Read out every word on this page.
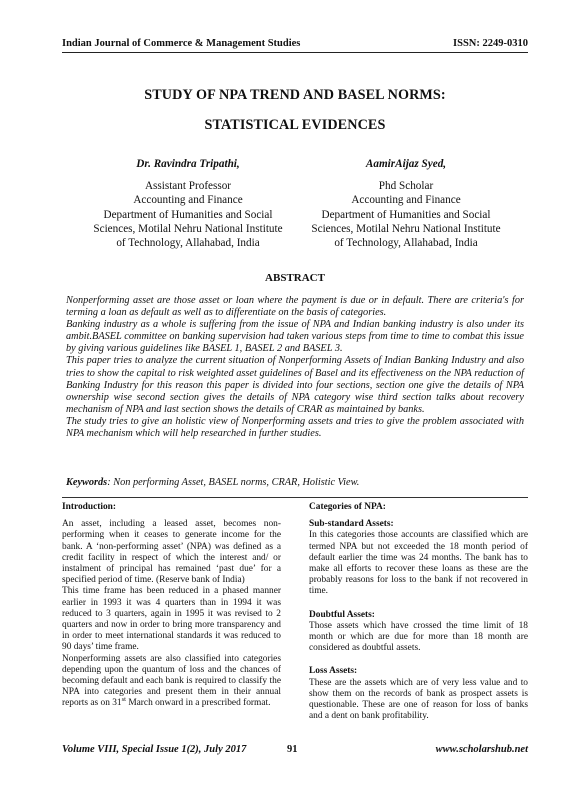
Indian Journal of Commerce & Management Studies	ISSN: 2249-0310
STUDY OF NPA TREND AND BASEL NORMS:
STATISTICAL EVIDENCES
Dr. Ravindra Tripathi,
Assistant Professor
Accounting and Finance
Department of Humanities and Social
Sciences, Motilal Nehru National Institute
of Technology, Allahabad, India
AamirAijaz Syed,
Phd Scholar
Accounting and Finance
Department of Humanities and Social
Sciences, Motilal Nehru National Institute
of Technology, Allahabad, India
ABSTRACT

Nonperforming asset are those asset or loan where the payment is due or in default. There are criteria's for terming a loan as default as well as to differentiate on the basis of categories.

Banking industry as a whole is suffering from the issue of NPA and Indian banking industry is also under its ambit.BASEL committee on banking supervision had taken various steps from time to time to combat this issue by giving various guidelines like BASEL 1, BASEL 2 and BASEL 3.

This paper tries to analyze the current situation of Nonperforming Assets of Indian Banking Industry and also tries to show the capital to risk weighted asset guidelines of Basel and its effectiveness on the NPA reduction of Banking Industry for this reason this paper is divided into four sections, section one give the details of NPA ownership wise second section gives the details of NPA category wise third section talks about recovery mechanism of NPA and last section shows the details of CRAR as maintained by banks.

The study tries to give an holistic view of Nonperforming assets and tries to give the problem associated with NPA mechanism which will help researched in further studies.

Keywords: Non performing Asset, BASEL norms, CRAR, Holistic View.

Introduction:

An asset, including a leased asset, becomes non-performing when it ceases to generate income for the bank. A ‘non-performing asset’ (NPA) was defined as a credit facility in respect of which the interest and/ or instalment of principal has remained ‘past due’ for a specified period of time. (Reserve bank of India)

This time frame has been reduced in a phased manner earlier in 1993 it was 4 quarters than in 1994 it was reduced to 3 quarters, again in 1995 it was revised to 2 quarters and now in order to bring more transparency and in order to meet international standards it was reduced to 90 days’ time frame.

Nonperforming assets are also classified into categories depending upon the quantum of loss and the chances of becoming default and each bank is required to classify the NPA into categories and present them in their annual reports as on 31st March onward in a prescribed format.

Categories of NPA:

Sub-standard Assets:

In this categories those accounts are classified which are termed NPA but not exceeded the 18 month period of default earlier the time was 24 months. The bank has to make all efforts to recover these loans as these are the probably reasons for loss to the bank if not recovered in time.

Doubtful Assets:

Those assets which have crossed the time limit of 18 month or which are due for more than 18 month are considered as doubtful assets.

Loss Assets:

These are the assets which are of very less value and to show them on the records of bank as prospect assets is questionable. These are one of reason for loss of banks and a dent on bank profitability.

Volume VIII, Special Issue 1(2), July 2017	91	www.scholarshub.net
